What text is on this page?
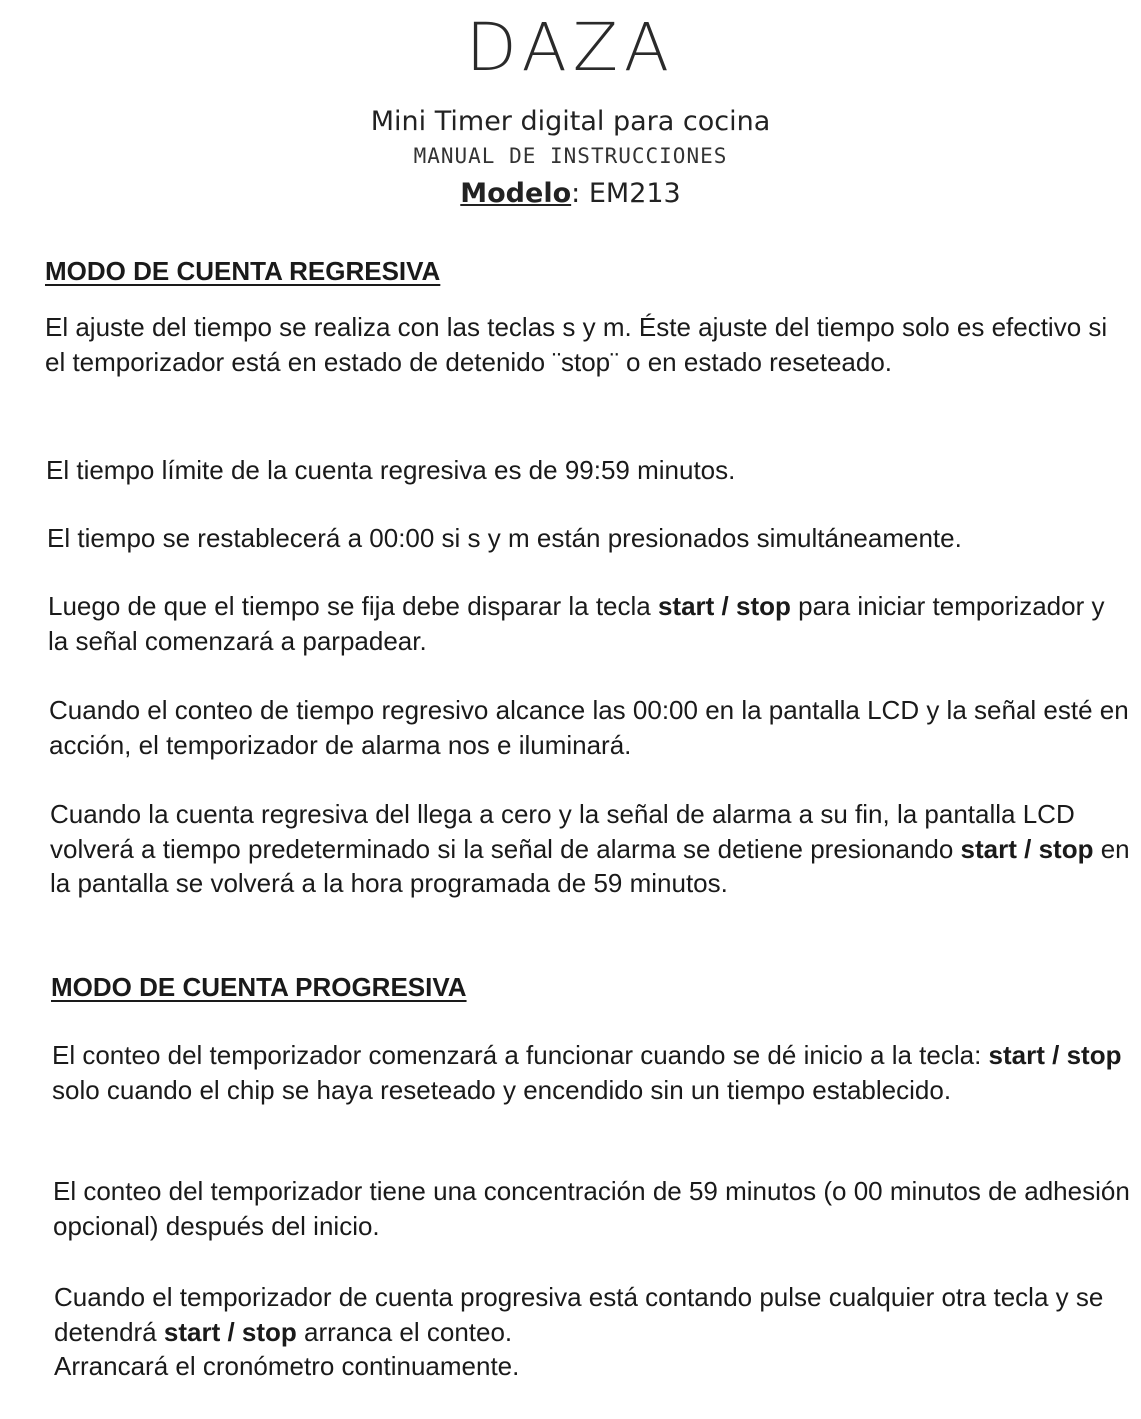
DAZA
Mini Timer digital para cocina
MANUAL DE INSTRUCCIONES
Modelo: EM213
MODO DE CUENTA REGRESIVA
El ajuste del tiempo se realiza con las teclas s y m. Éste ajuste del tiempo solo es efectivo si el temporizador está en estado de detenido ¨stop¨ o en estado reseteado.
El tiempo límite de la cuenta regresiva es de 99:59 minutos.
El tiempo se restablecerá a 00:00 si s y m están presionados simultáneamente.
Luego de que el tiempo se fija debe disparar la tecla start / stop para iniciar temporizador y la señal comenzará a parpadear.
Cuando el conteo de tiempo regresivo alcance las 00:00 en la pantalla LCD y la señal esté en acción, el temporizador de alarma nos e iluminará.
Cuando la cuenta regresiva del llega a cero y la señal de alarma a su fin, la pantalla LCD volverá a tiempo predeterminado si la señal de alarma se detiene presionando start / stop en la pantalla se volverá a la hora programada de 59 minutos.
MODO DE CUENTA PROGRESIVA
El conteo del temporizador comenzará a funcionar cuando se dé inicio a la tecla: start / stop solo cuando el chip se haya reseteado y encendido sin un tiempo establecido.
El conteo del temporizador tiene una concentración de 59 minutos (o 00 minutos de adhesión opcional) después del inicio.
Cuando el temporizador de cuenta progresiva está contando pulse cualquier otra tecla y se detendrá start / stop arranca el conteo.
Arrancará el cronómetro continuamente.
